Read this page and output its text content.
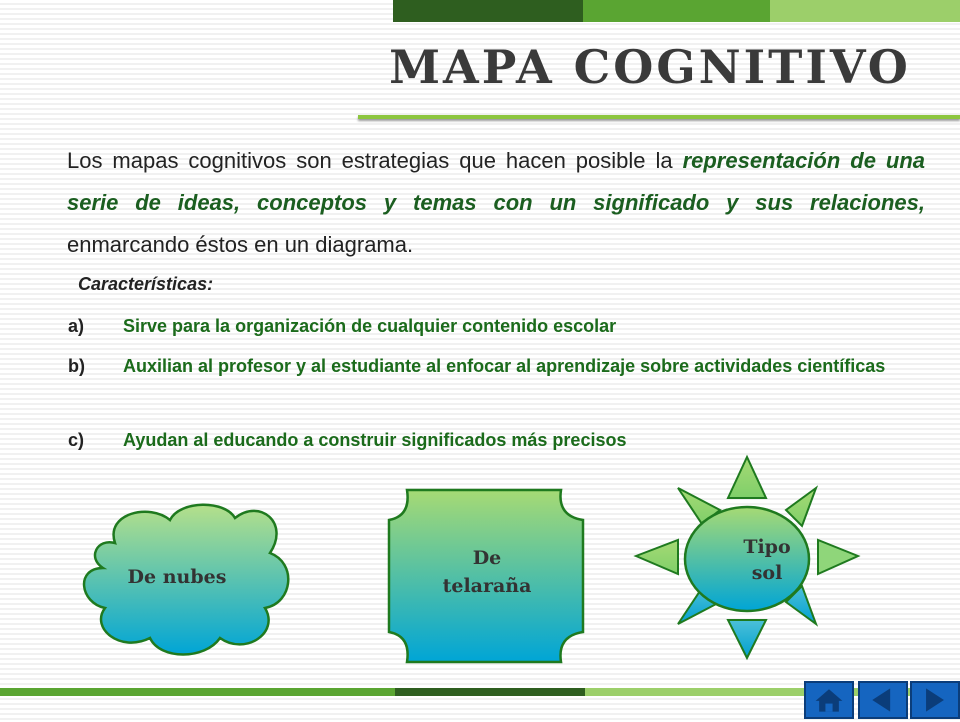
MAPA COGNITIVO
Los mapas cognitivos son estrategias que hacen posible la representación de una serie de ideas, conceptos y temas con un significado y sus relaciones, enmarcando éstos en un diagrama.
Características:
a) Sirve para la organización de cualquier contenido escolar
b) Auxilian al profesor y al estudiante al enfocar al aprendizaje sobre actividades científicas
c) Ayudan al educando a construir significados más precisos
De nubes
De
telaraña
Tipo
sol
